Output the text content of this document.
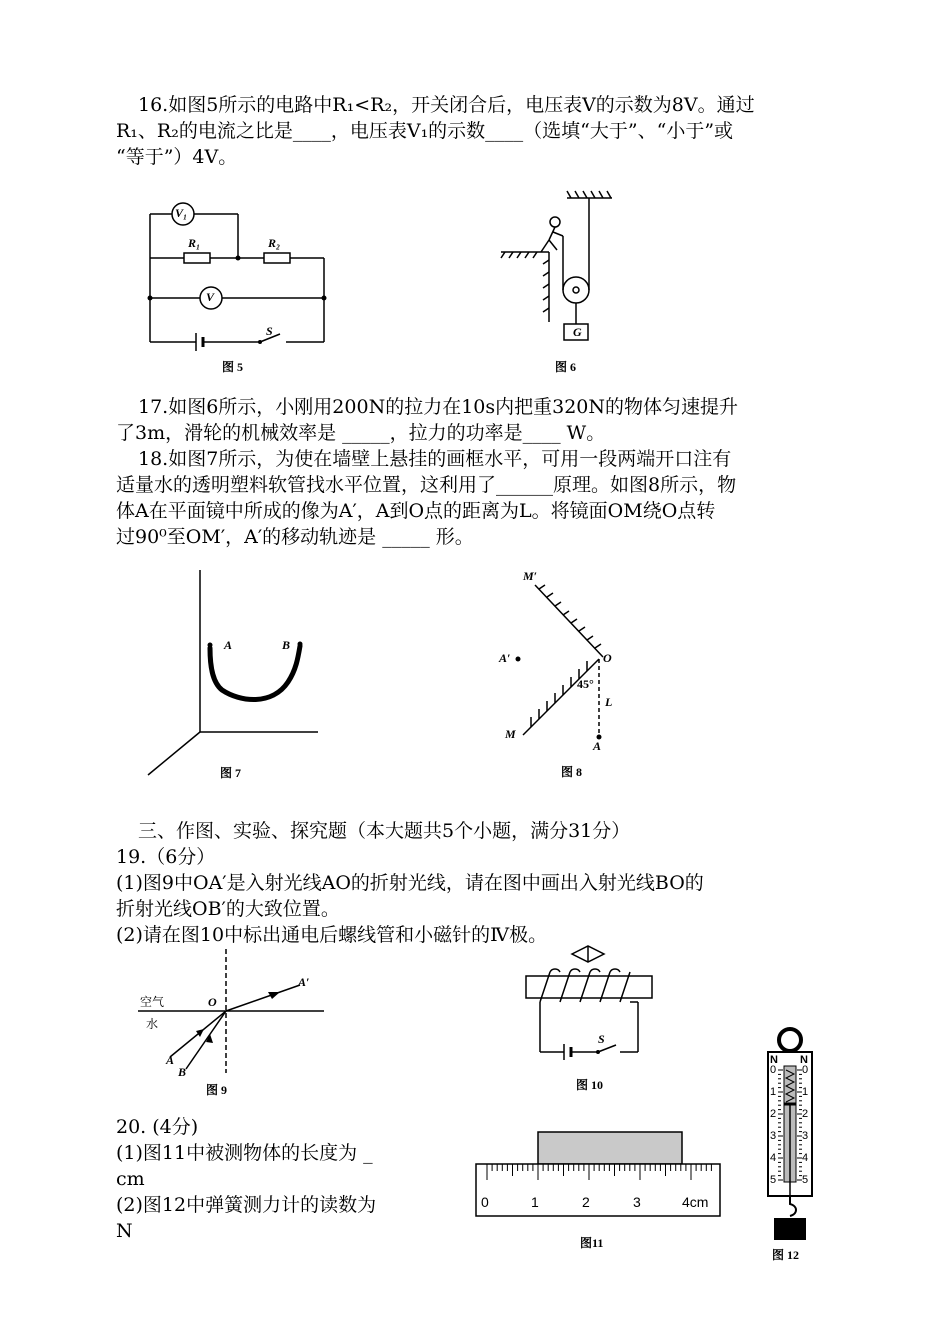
16.如图5所示的电路中R₁<R₂，开关闭合后，电压表V的示数为8V。通过
R₁、R₂的电流之比是____，电压表V₁的示数____（选填“大于”、“小于”或
“等于”）4V。
V₁
R₁	R₂
V
S
图 5
G
图 6
17.如图6所示，小刚用200N的拉力在10s内把重320N的物体匀速提升
了3m，滑轮的机械效率是 _____，拉力的功率是____ W。
18.如图7所示，为使在墙壁上悬挂的画框水平，可用一段两端开口注有
适量水的透明塑料软管找水平位置，这利用了______原理。如图8所示，物
体A在平面镜中所成的像为A′，A到O点的距离为L。将镜面OM绕O点转
过90⁰至OM′，A′的移动轨迹是 _____ 形。
A	B
图 7
M′
A′	O
45°
L
M
A
图 8
三、作图、实验、探究题（本大题共5个小题，满分31分）
19.（6分）
(1)图9中OA′是入射光线AO的折射光线，请在图中画出入射光线BO的
折射光线OB′的大致位置。
(2)请在图10中标出通电后螺线管和小磁针的Ⅳ极。
空气
水
O
A′
A
B
图 9
S
图 10
20. (4分)
(1)图11中被测物体的长度为 _
cm
(2)图12中弹簧测力计的读数为
N
0	1	2	3	4cm
图11
N N
0
1
2
3
4
5
0
1
2
3
4
5
图 12
